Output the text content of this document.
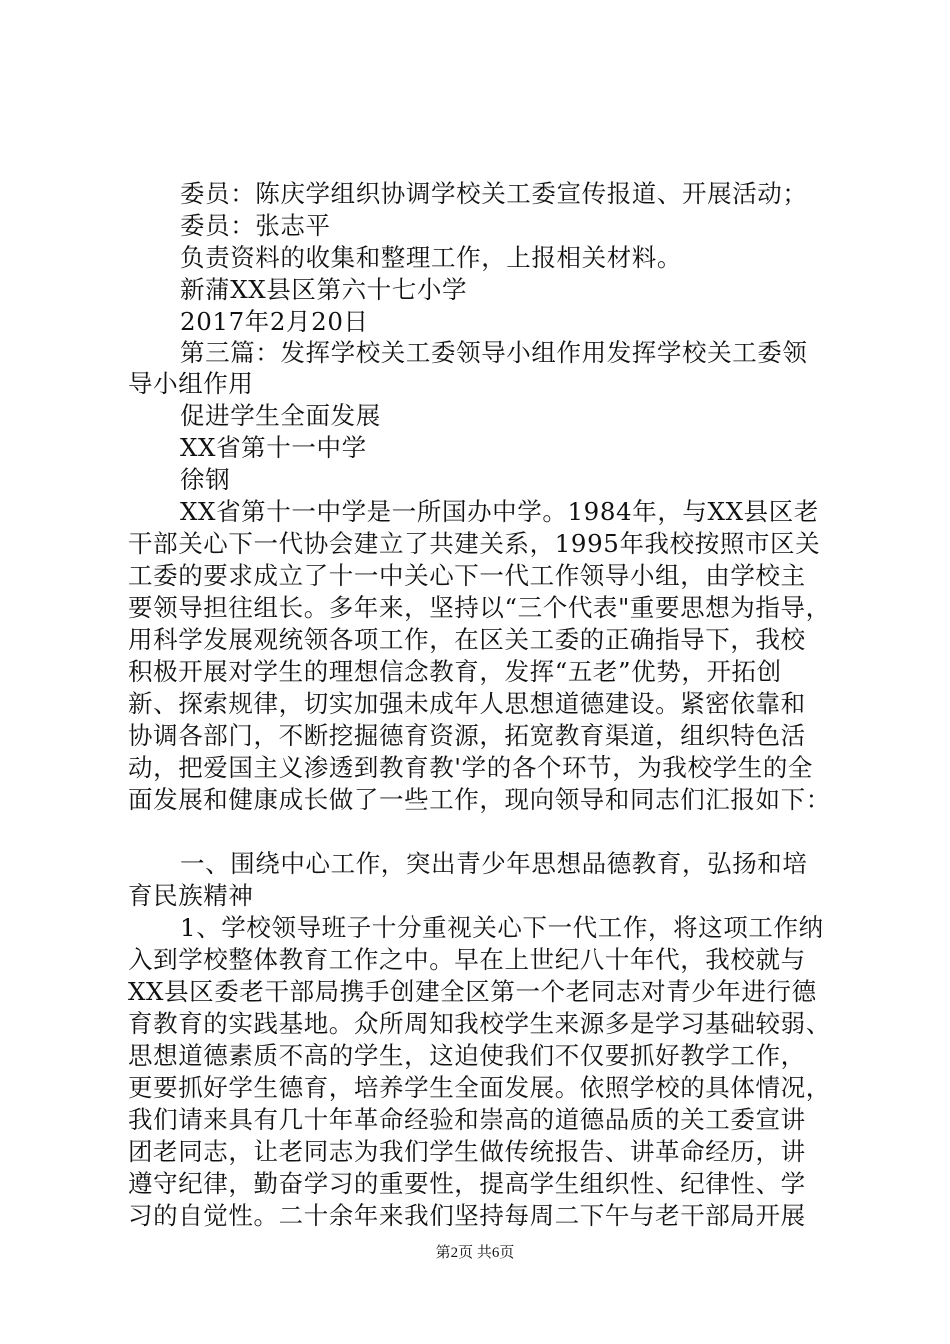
委员：陈庆学组织协调学校关工委宣传报道、开展活动；
委员：张志平
负责资料的收集和整理工作，上报相关材料。
新蒲XX县区第六十七小学
2017年2月20日
第三篇：发挥学校关工委领导小组作用发挥学校关工委领
导小组作用
促进学生全面发展
XX省第十一中学
徐钢
XX省第十一中学是一所国办中学。1984年，与XX县区老
干部关心下一代协会建立了共建关系，1995年我校按照市区关
工委的要求成立了十一中关心下一代工作领导小组，由学校主
要领导担往组长。多年来，坚持以“三个代表"重要思想为指导，
用科学发展观统领各项工作，在区关工委的正确指导下，我校
积极开展对学生的理想信念教育，发挥“五老”优势，开拓创
新、探索规律，切实加强未成年人思想道德建设。紧密依靠和
协调各部门，不断挖掘德育资源，拓宽教育渠道，组织特色活
动，把爱国主义渗透到教育教'学的各个环节，为我校学生的全
面发展和健康成长做了一些工作，现向领导和同志们汇报如下：
一、围绕中心工作，突出青少年思想品德教育，弘扬和培
育民族精神
1、学校领导班子十分重视关心下一代工作，将这项工作纳
入到学校整体教育工作之中。早在上世纪八十年代，我校就与
XX县区委老干部局携手创建全区第一个老同志对青少年进行德
育教育的实践基地。众所周知我校学生来源多是学习基础较弱、
思想道德素质不高的学生，这迫使我们不仅要抓好教学工作，
更要抓好学生德育，培养学生全面发展。依照学校的具体情况，
我们请来具有几十年革命经验和崇高的道德品质的关工委宣讲
团老同志，让老同志为我们学生做传统报告、讲革命经历，讲
遵守纪律，勤奋学习的重要性，提高学生组织性、纪律性、学
习的自觉性。二十余年来我们坚持每周二下午与老干部局开展
第2页 共6页
